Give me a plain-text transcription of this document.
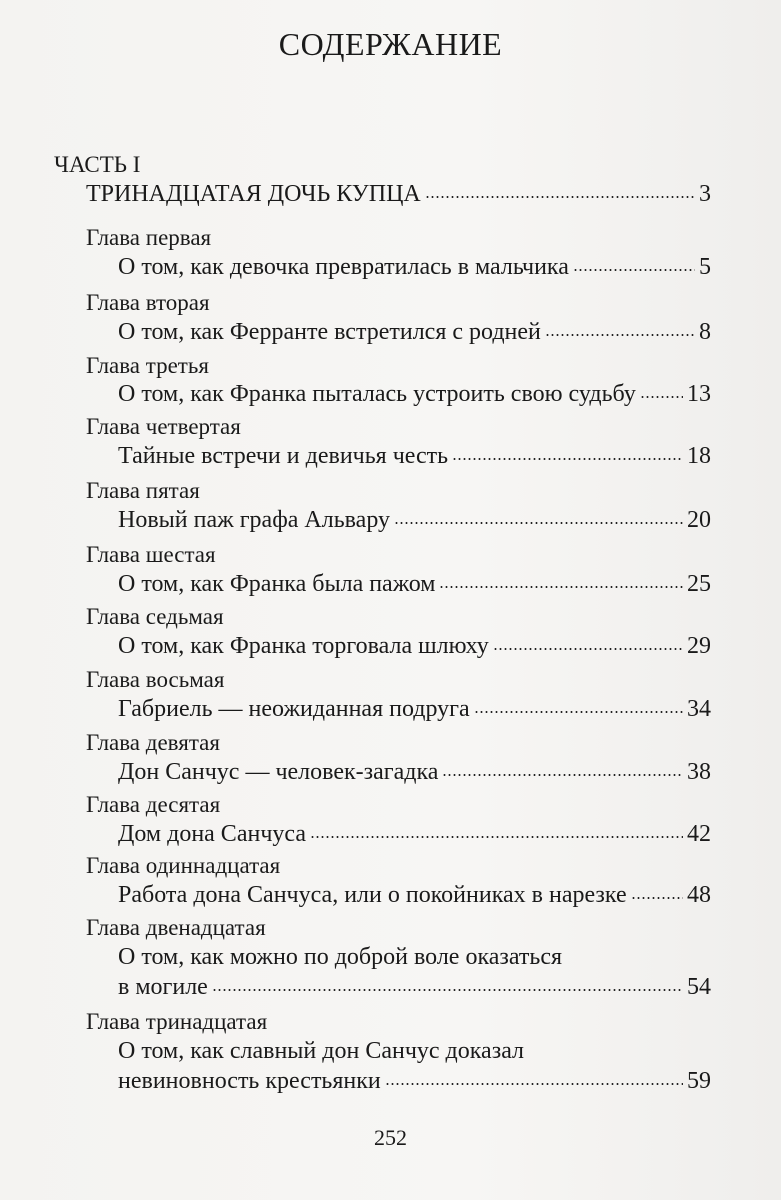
СОДЕРЖАНИЕ
ЧАСТЬ I
ТРИНАДЦАТАЯ ДОЧЬ КУПЦА	3
Глава первая
О том, как девочка превратилась в мальчика	5
Глава вторая
О том, как Ферранте встретился с родней	8
Глава третья
О том, как Франка пыталась устроить свою судьбу 13
Глава четвертая
Тайные встречи и девичья честь	18
Глава пятая
Новый паж графа Альвару	20
Глава шестая
О том, как Франка была пажом	25
Глава седьмая
О том, как Франка торговала шлюху	29
Глава восьмая
Габриель — неожиданная подруга	34
Глава девятая
Дон Санчус — человек-загадка	38
Глава десятая
Дом дона Санчуса	42
Глава одиннадцатая
Работа дона Санчуса, или о покойниках в нарезке	48
Глава двенадцатая
О том, как можно по доброй воле оказаться
в могиле	54
Глава тринадцатая
О том, как славный дон Санчус доказал
невиновность крестьянки	59
252
